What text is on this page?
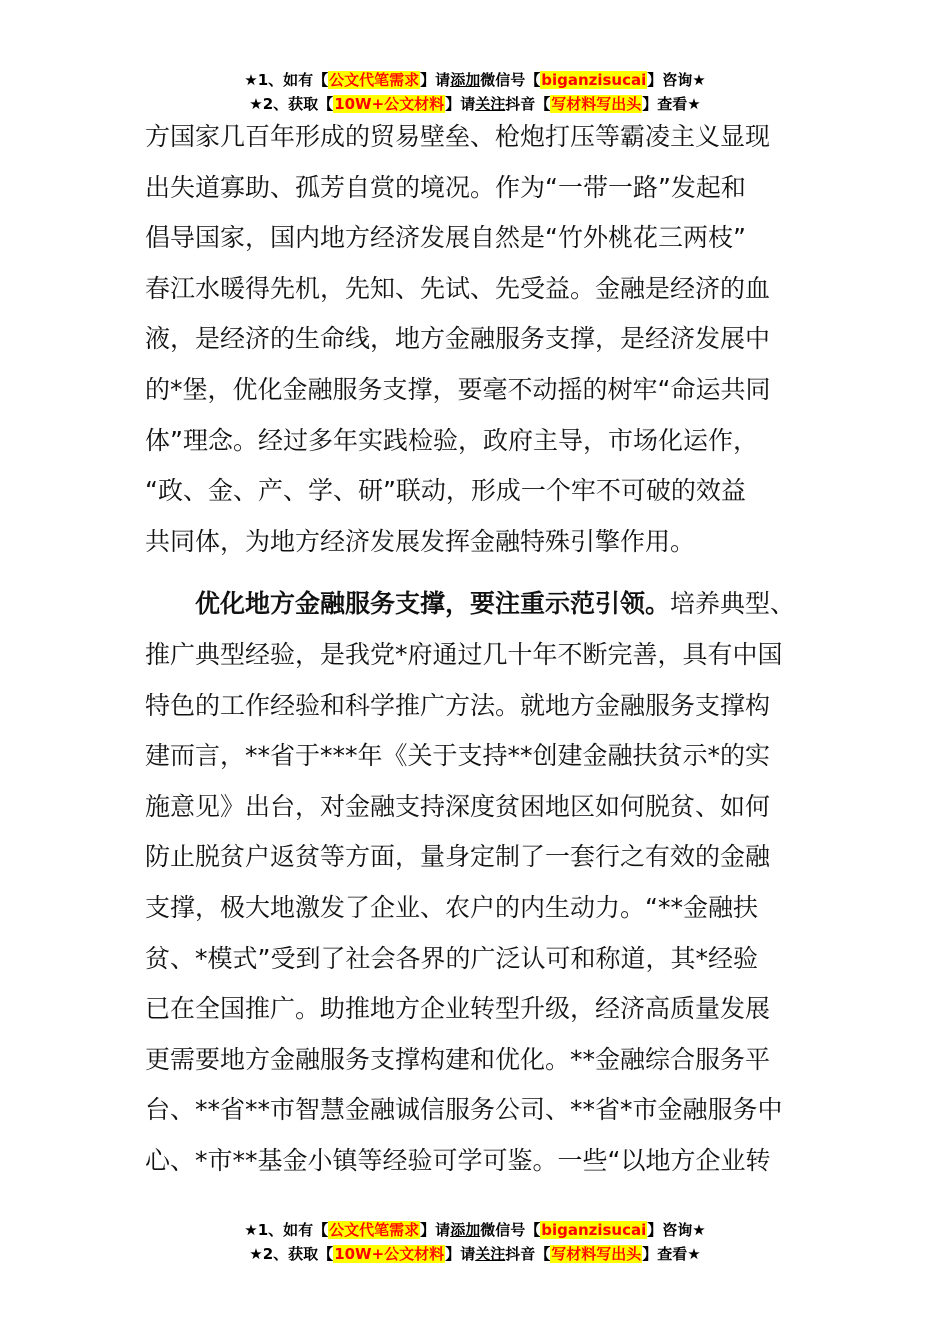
★1、如有【公文代笔需求】请添加微信号【biganzisucai】咨询★
★2、获取【10W+公文材料】请关注抖音【写材料写出头】查看★
方国家几百年形成的贸易壁垒、枪炮打压等霸凌主义显现
出失道寡助、孤芳自赏的境况。作为“一带一路”发起和
倡导国家，国内地方经济发展自然是“竹外桃花三两枝”
春江水暖得先机，先知、先试、先受益。金融是经济的血
液，是经济的生命线，地方金融服务支撑，是经济发展中
的*堡，优化金融服务支撑，要毫不动摇的树牢“命运共同
体”理念。经过多年实践检验，政府主导，市场化运作，
“政、金、产、学、研”联动，形成一个牢不可破的效益
共同体，为地方经济发展发挥金融特殊引擎作用。
优化地方金融服务支撑，要注重示范引领。培养典型、
推广典型经验，是我党*府通过几十年不断完善，具有中国
特色的工作经验和科学推广方法。就地方金融服务支撑构
建而言，**省于***年《关于支持**创建金融扶贫示*的实
施意见》出台，对金融支持深度贫困地区如何脱贫、如何
防止脱贫户返贫等方面，量身定制了一套行之有效的金融
支撑，极大地激发了企业、农户的内生动力。“**金融扶
贫、*模式”受到了社会各界的广泛认可和称道，其*经验
已在全国推广。助推地方企业转型升级，经济高质量发展
更需要地方金融服务支撑构建和优化。**金融综合服务平
台、**省**市智慧金融诚信服务公司、**省*市金融服务中
心、*市**基金小镇等经验可学可鉴。一些“以地方企业转
★1、如有【公文代笔需求】请添加微信号【biganzisucai】咨询★
★2、获取【10W+公文材料】请关注抖音【写材料写出头】查看★
